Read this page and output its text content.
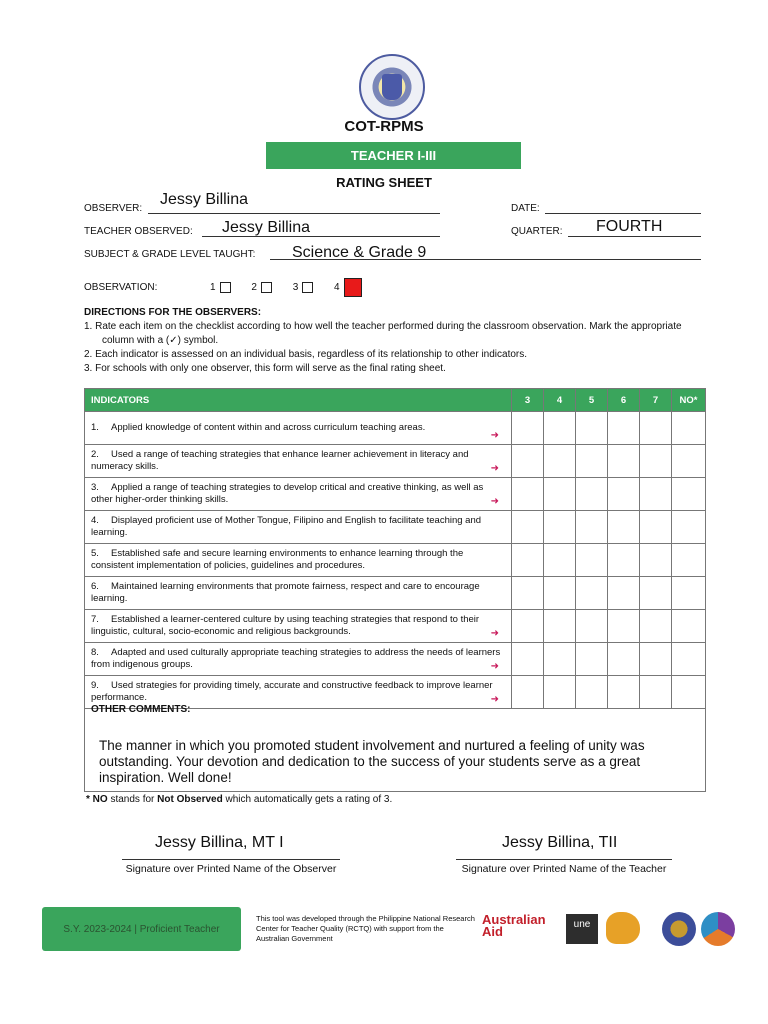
COT-RPMS
TEACHER I-III
RATING SHEET
OBSERVER:
Jessy Billina
DATE:
TEACHER OBSERVED: Jessy Billina	QUARTER: FOURTH
SUBJECT & GRADE LEVEL TAUGHT: Science & Grade 9
OBSERVATION:	1	2	3	4
DIRECTIONS FOR THE OBSERVERS:
1. Rate each item on the checklist according to how well the teacher performed during the classroom observation. Mark the appropriate column with a (✓) symbol.
2. Each indicator is assessed on an individual basis, regardless of its relationship to other indicators.
3. For schools with only one observer, this form will serve as the final rating sheet.
INDICATORS	3	4	5	6	7	NO*
1. Applied knowledge of content within and across curriculum teaching areas.
➜						

2. Used a range of teaching strategies that enhance learner achievement in literacy and numeracy skills. ➜						

3. Applied a range of teaching strategies to develop critical and creative thinking, as well as other higher-order thinking skills. ➜						

4. Displayed proficient use of Mother Tongue, Filipino and English to facilitate teaching and learning.						
5. Established safe and secure learning environments to enhance learning through the consistent implementation of policies, guidelines and procedures.						
6. Maintained learning environments that promote fairness, respect and care to encourage learning.						
7. Established a learner-centered culture by using teaching strategies that respond to their linguistic, cultural, socio-economic and religious backgrounds. ➜						

8. Adapted and used culturally appropriate teaching strategies to address the needs of learners from indigenous groups. ➜						

9. Used strategies for providing timely, accurate and constructive feedback to improve learner performance. ➜						

OTHER COMMENTS:
The manner in which you promoted student involvement and nurtured a feeling of unity was outstanding. Your devotion and dedication to the success of your students serve as a great inspiration. Well done!
* NO stands for Not Observed which automatically gets a rating of 3.
Jessy Billina, MT I
Signature over Printed Name of the Observer
Jessy Billina, TII
Signature over Printed Name of the Teacher
S.Y. 2023-2024 | Proficient Teacher
This tool was developed through the Philippine National Research Center for Teacher Quality (RCTQ) with support from the Australian Government
Australian
Aid	une
